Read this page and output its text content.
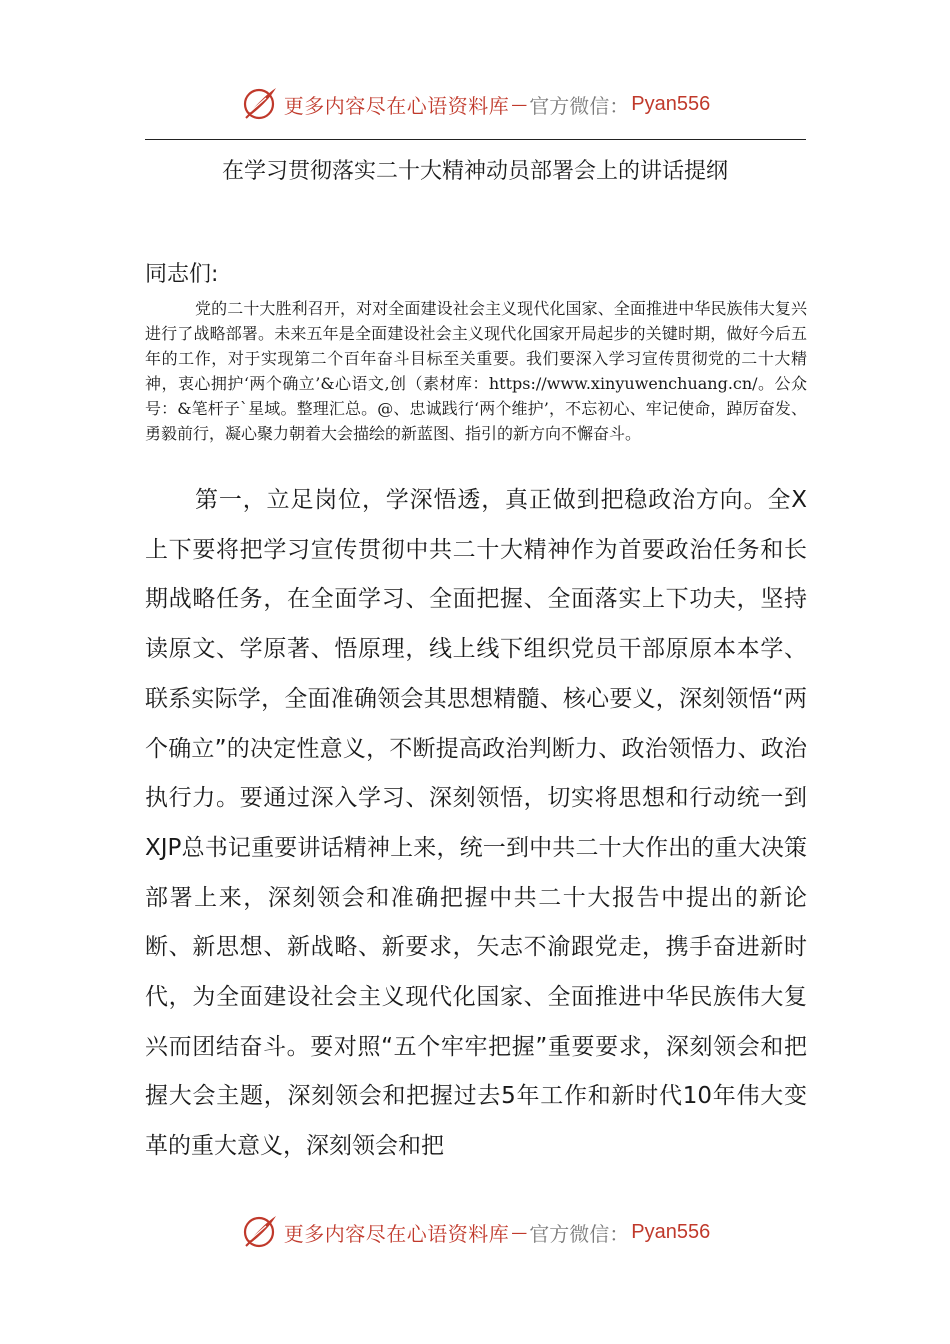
更多内容尽在心语资料库 — 官方微信： Pyan556
在学习贯彻落实二十大精神动员部署会上的讲话提纲
同志们:

党的二十大胜利召开，对对全面建设社会主义现代化国家、全面推进中华民族伟大复兴进行了战略部署。未来五年是全面建设社会主义现代化国家开局起步的关键时期，做好今后五年的工作，对于实现第二个百年奋斗目标至关重要。我们要深入学习宣传贯彻党的二十大精神，衷心拥护‘两个确立’&心语文,创（素材库：https://www.xinyuwenchuang.cn/。公众号：&笔杆子`星域。整理汇总。@、忠诚践行‘两个维护’，不忘初心、牢记使命，踔厉奋发、勇毅前行，凝心聚力朝着大会描绘的新蓝图、指引的新方向不懈奋斗。

第一，立足岗位，学深悟透，真正做到把稳政治方向。全X上下要将把学习宣传贯彻中共二十大精神作为首要政治任务和长期战略任务，在全面学习、全面把握、全面落实上下功夫，坚持读原文、学原著、悟原理，线上线下组织党员干部原原本本学、联系实际学，全面准确领会其思想精髓、核心要义，深刻领悟“两个确立”的决定性意义，不断提高政治判断力、政治领悟力、政治执行力。要通过深入学习、深刻领悟，切实将思想和行动统一到XJP总书记重要讲话精神上来，统一到中共二十大作出的重大决策部署上来，深刻领会和准确把握中共二十大报告中提出的新论断、新思想、新战略、新要求，矢志不渝跟党走，携手奋进新时代，为全面建设社会主义现代化国家、全面推进中华民族伟大复兴而团结奋斗。要对照“五个牢牢把握”重要要求，深刻领会和把握大会主题，深刻领会和把握过去5年工作和新时代10年伟大变革的重大意义，深刻领会和把

更多内容尽在心语资料库 — 官方微信： Pyan556
